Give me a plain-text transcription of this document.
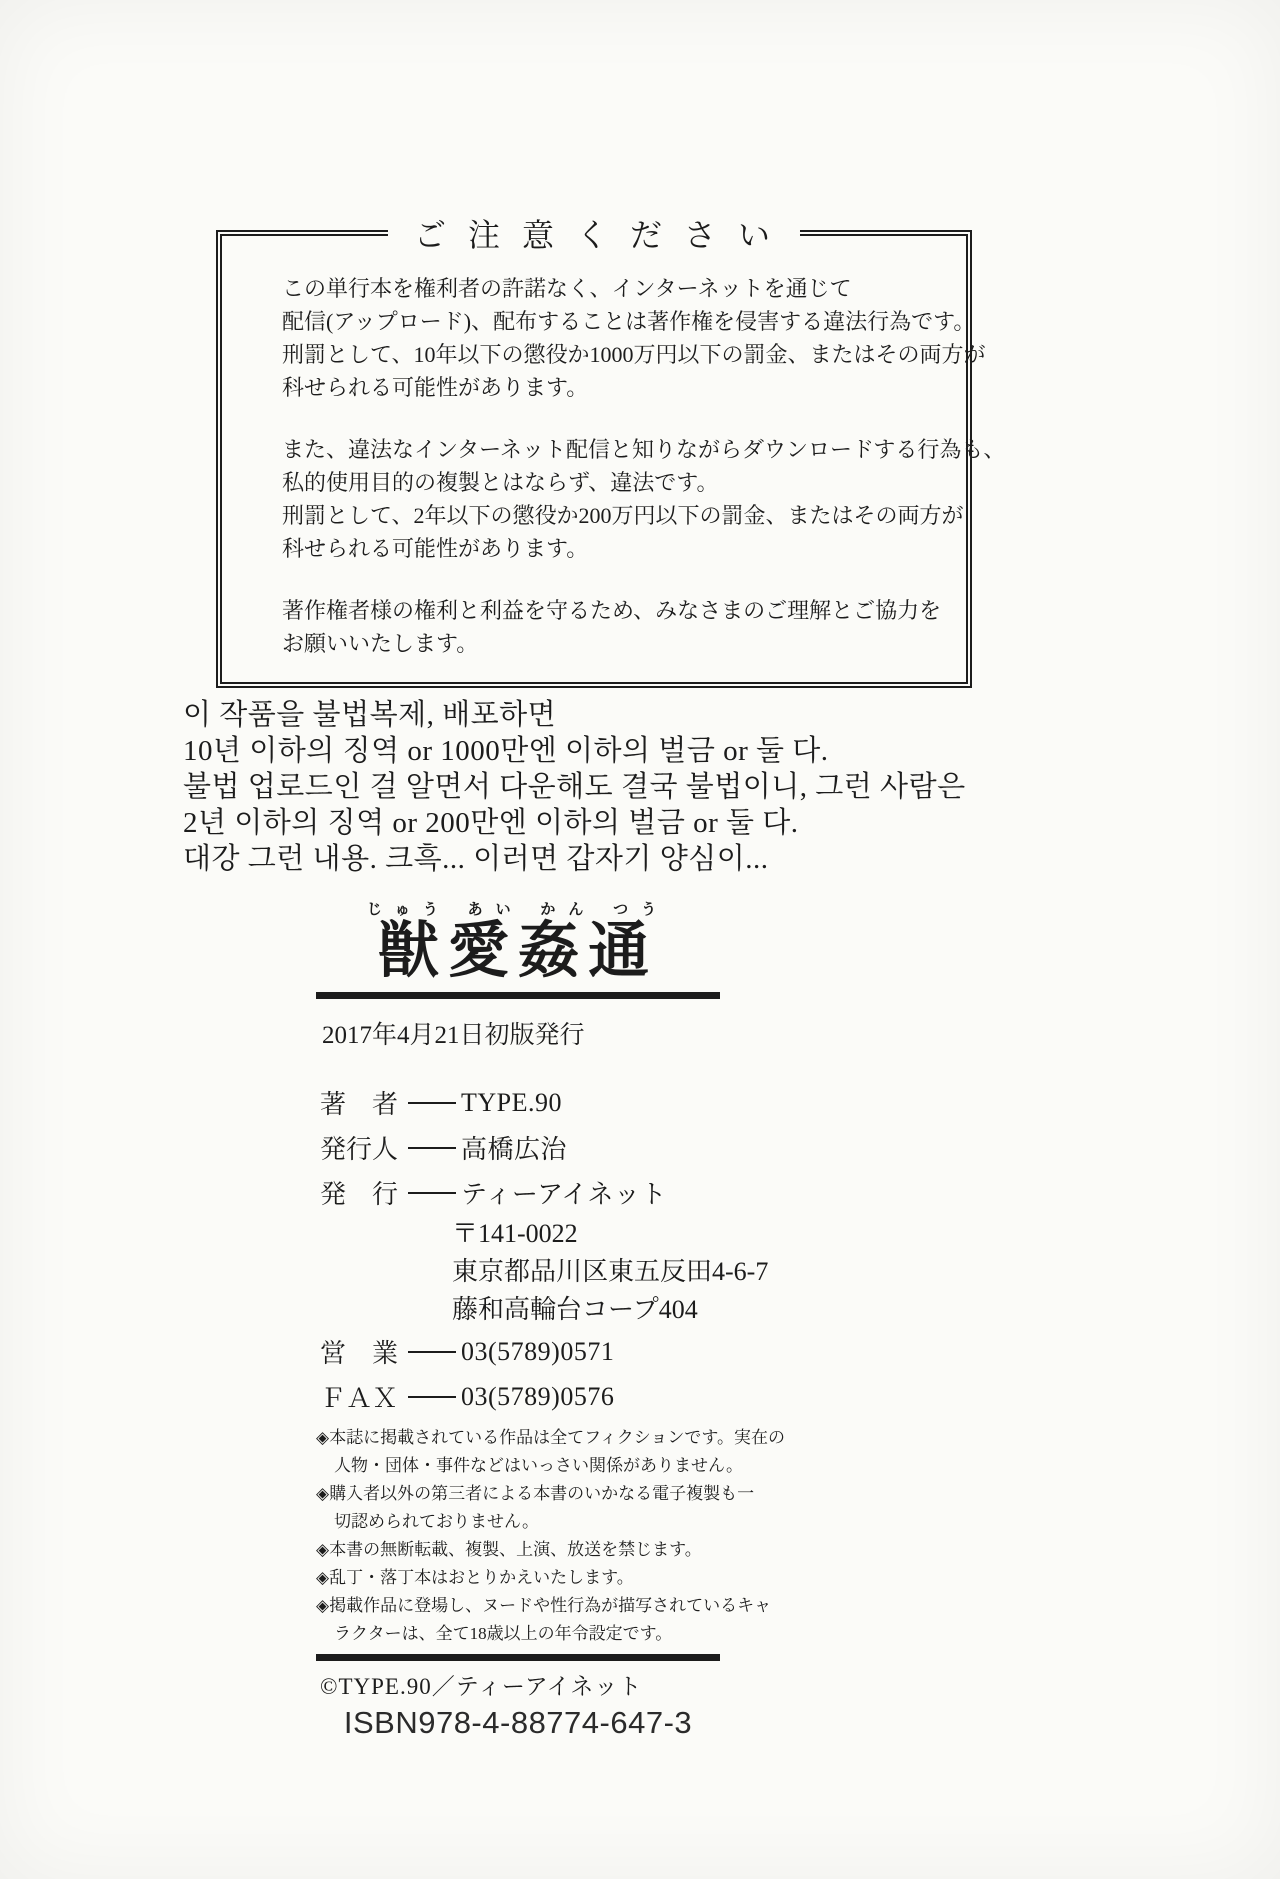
ご注意ください
この単行本を権利者の許諾なく、インターネットを通じて
配信(アップロード)、配布することは著作権を侵害する違法行為です。
刑罰として、10年以下の懲役か1000万円以下の罰金、またはその両方が
科せられる可能性があります。
また、違法なインターネット配信と知りながらダウンロードする行為も、
私的使用目的の複製とはならず、違法です。
刑罰として、2年以下の懲役か200万円以下の罰金、またはその両方が
科せられる可能性があります。
著作権者様の権利と利益を守るため、みなさまのご理解とご協力を
お願いいたします。
이 작품을 불법복제, 배포하면
10년 이하의 징역 or 1000만엔 이하의 벌금 or 둘 다.
불법 업로드인 걸 알면서 다운해도 결국 불법이니, 그런 사람은
2년 이하의 징역 or 200만엔 이하의 벌금 or 둘 다.
대강 그런 내용. 크흑... 이러면 갑자기 양심이...
じゅう あい かん つう
獣愛姦通
2017年4月21日初版発行
著　者	TYPE.90
発行人	高橋広治
発　行	ティーアイネット
〒141-0022
東京都品川区東五反田4-6-7
藤和高輪台コープ404
営　業	03(5789)0571
ＦＡＸ	03(5789)0576
◈本誌に掲載されている作品は全てフィクションです。実在の
人物・団体・事件などはいっさい関係がありません。
◈購入者以外の第三者による本書のいかなる電子複製も一
切認められておりません。
◈本書の無断転載、複製、上演、放送を禁じます。
◈乱丁・落丁本はおとりかえいたします。
◈掲載作品に登場し、ヌードや性行為が描写されているキャ
ラクターは、全て18歳以上の年令設定です。
©TYPE.90／ティーアイネット
ISBN978-4-88774-647-3
